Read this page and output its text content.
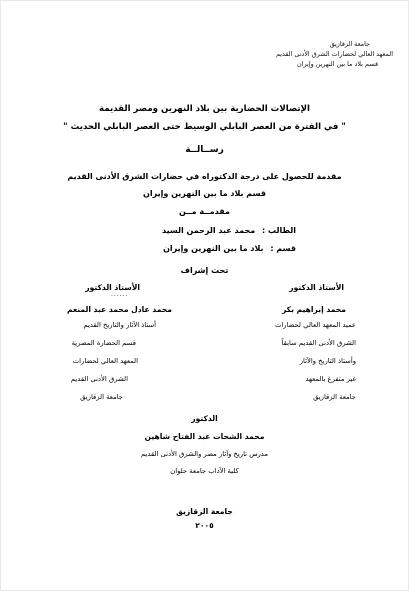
جامعة الزقازيق
المعهد العالي لحضارات الشرق الأدنى القديم
قسم بلاد ما بين النهرين وإيران
الإتصالات الحضارية بين بلاد النهرين ومصر القديمة
" في الفترة من العصر البابلي الوسيط حتى العصر البابلي الحديث "
رســالــة
مقدمة للحصول على درجة الدكتوراه في حضارات الشرق الأدنى القديم
قسم بلاد ما بين النهرين وإيران
مقدمــة مــن
الطالب : محمد عبد الرحمن السيد
قسم : بلاد ما بين النهرين وإيران
تحت إشراف
الأستاذ الدكتور
محمد إبراهيم بكر
عميد المعهد العالي لحضارات
الشرق الأدنى القديم سابقاً
وأستاذ التاريخ والآثار
غير متفرغ بالمعهد
جامعة الزقازيق
الأستاذ الدكتور
......
محمد عادل محمد عبد المنعم
أستاذ الآثار والتاريخ القديم
قسم الحضارة المصرية
المعهد العالي لحضارات
الشرق الأدنى القديم
جامعة الزقازيق
الدكتور
محمد الشحات عبد الفتاح شاهين
مدرس تاريخ وآثار مصر والشرق الأدنى القديم
كلية الآداب جامعة حلوان
جامعة الزقازيق
٢٠٠٥
